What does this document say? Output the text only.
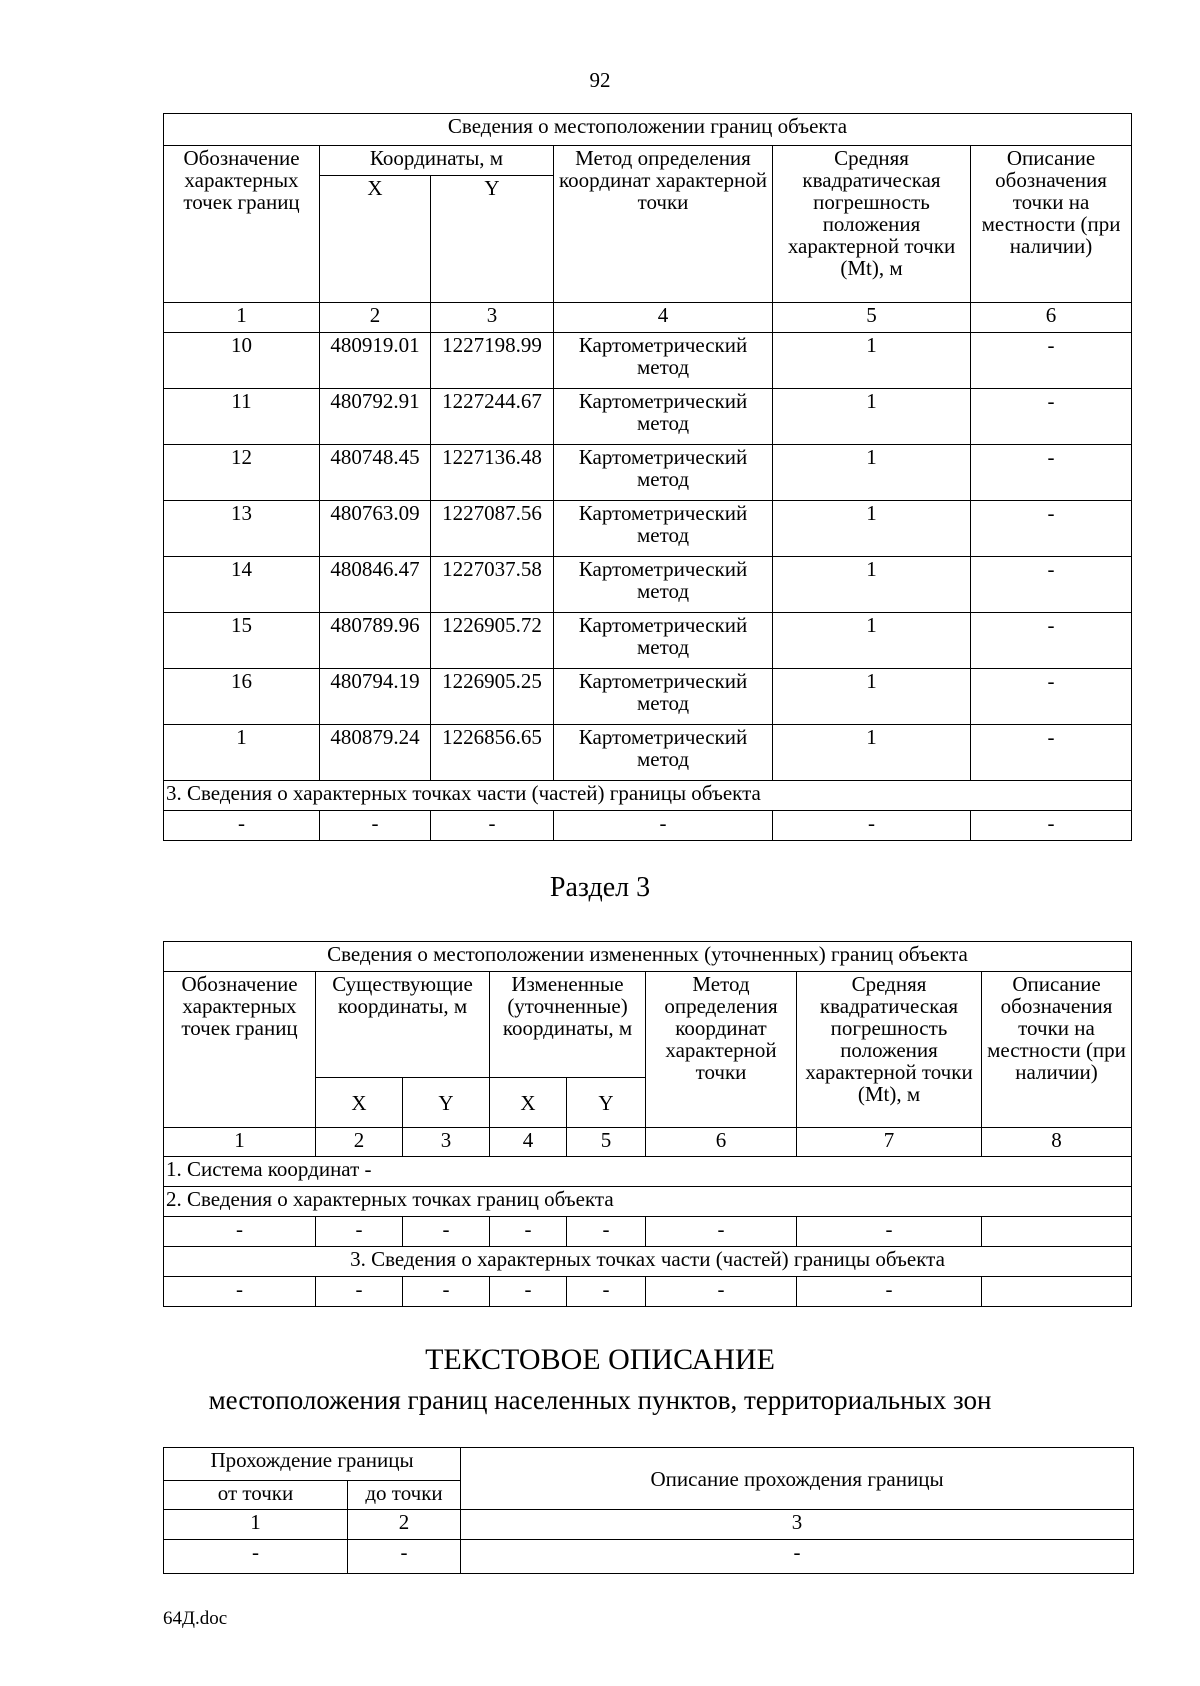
92
Сведения о местоположении границ объекта					
Обозначение характерных точек границ	Координаты, м		Метод определения координат характерной точки	Средняя квадратическая погрешность положения характерной точки (Mt), м	Описание обозначения точки на местности (при наличии)
	X	Y			
1	2	3	4	5	6
10	480919.01	1227198.99	Картометрический метод	1	-
11	480792.91	1227244.67	Картометрический метод	1	-
12	480748.45	1227136.48	Картометрический метод	1	-
13	480763.09	1227087.56	Картометрический метод	1	-
14	480846.47	1227037.58	Картометрический метод	1	-
15	480789.96	1226905.72	Картометрический метод	1	-
16	480794.19	1226905.25	Картометрический метод	1	-
1	480879.24	1226856.65	Картометрический метод	1	-
3. Сведения о характерных точках части (частей) границы объекта					
-	-	-	-	-	-
Раздел 3
Сведения о местоположении измененных (уточненных) границ объекта							
Обозначение характерных точек границ	Существующие координаты, м		Измененные (уточненные) координаты, м		Метод определения координат характерной точки	Средняя квадратическая погрешность положения характерной точки (Mt), м	Описание обозначения точки на местности (при наличии)
	X	Y	X	Y			
1	2	3	4	5	6	7	8
1. Система координат -							
2. Сведения о характерных точках границ объекта							
-	-	-	-	-	-	-	
3. Сведения о характерных точках части (частей) границы объекта							
-	-	-	-	-	-	-	
ТЕКСТОВОЕ ОПИСАНИЕ
местоположения границ населенных пунктов, территориальных зон
Прохождение границы		Описание прохождения границы
от точки	до точки	
1	2	3
-	-	-
64Д.doc
